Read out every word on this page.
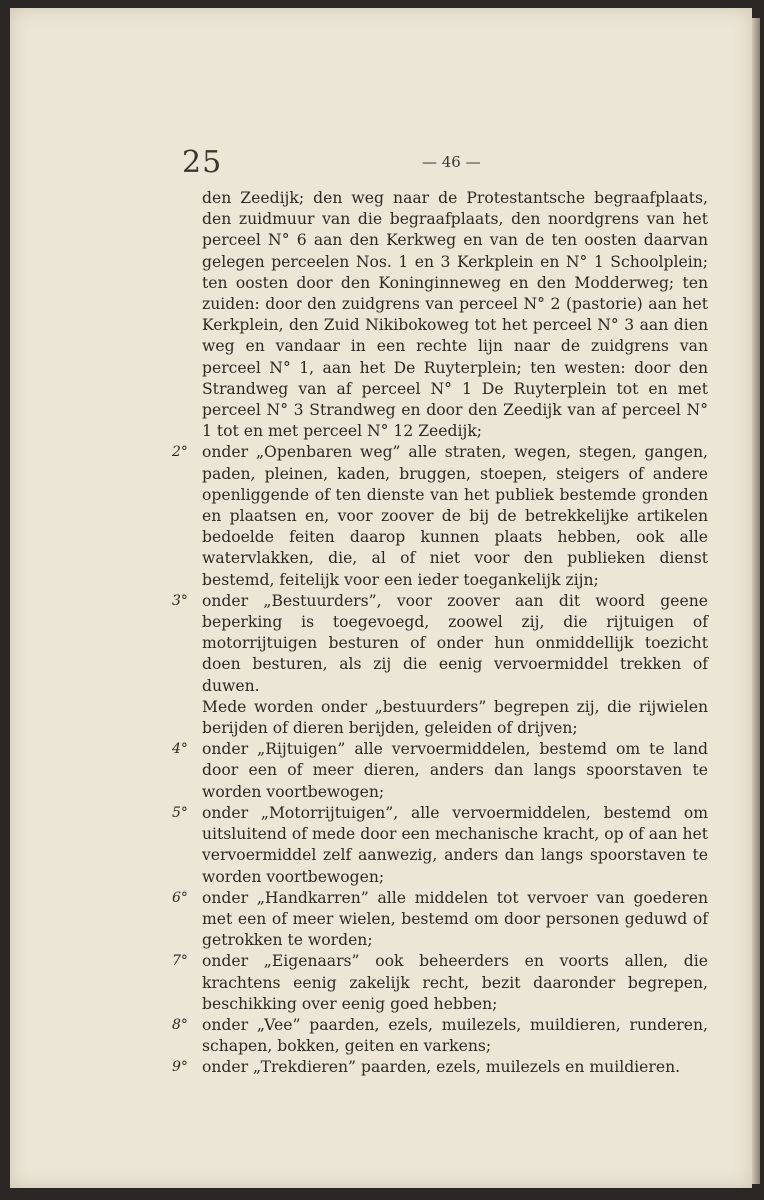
25	— 46 —

den Zeedijk; den weg naar de Protestantsche begraafplaats, den zuidmuur van die begraafplaats, den noordgrens van het perceel N° 6 aan den Kerkweg en van de ten oosten daarvan gelegen perceelen Nos. 1 en 3 Kerkplein en N° 1 Schoolplein; ten oosten door den Koninginneweg en den Modderweg; ten zuiden: door den zuidgrens van perceel N° 2 (pastorie) aan het Kerkplein, den Zuid Nikibokoweg tot het perceel N° 3 aan dien weg en vandaar in een rechte lijn naar de zuidgrens van perceel N° 1, aan het De Ruyterplein; ten westen: door den Strandweg van af perceel N° 1 De Ruyterplein tot en met perceel N° 3 Strandweg en door den Zeedijk van af perceel N° 1 tot en met perceel N° 12 Zeedijk;

2° onder „Openbaren weg” alle straten, wegen, stegen, gangen, paden, pleinen, kaden, bruggen, stoepen, steigers of andere openliggende of ten dienste van het publiek bestemde gronden en plaatsen en, voor zoover de bij de betrekkelijke artikelen bedoelde feiten daarop kunnen plaats hebben, ook alle watervlakken, die, al of niet voor den publieken dienst bestemd, feitelijk voor een ieder toegankelijk zijn;

3° onder „Bestuurders”, voor zoover aan dit woord geene beperking is toegevoegd, zoowel zij, die rijtuigen of motorrijtuigen besturen of onder hun onmiddellijk toezicht doen besturen, als zij die eenig vervoermiddel trekken of duwen.

Mede worden onder „bestuurders” begrepen zij, die rijwielen berijden of dieren berijden, geleiden of drijven;

4° onder „Rijtuigen” alle vervoermiddelen, bestemd om te land door een of meer dieren, anders dan langs spoorstaven te worden voortbewogen;

5° onder „Motorrijtuigen”, alle vervoermiddelen, bestemd om uitsluitend of mede door een mechanische kracht, op of aan het vervoermiddel zelf aanwezig, anders dan langs spoorstaven te worden voortbewogen;

6° onder „Handkarren” alle middelen tot vervoer van goederen met een of meer wielen, bestemd om door personen geduwd of getrokken te worden;

7° onder „Eigenaars” ook beheerders en voorts allen, die krachtens eenig zakelijk recht, bezit daaronder begrepen, beschikking over eenig goed hebben;

8° onder „Vee” paarden, ezels, muilezels, muildieren, runderen, schapen, bokken, geiten en varkens;

9° onder „Trekdieren” paarden, ezels, muilezels en muildieren.
